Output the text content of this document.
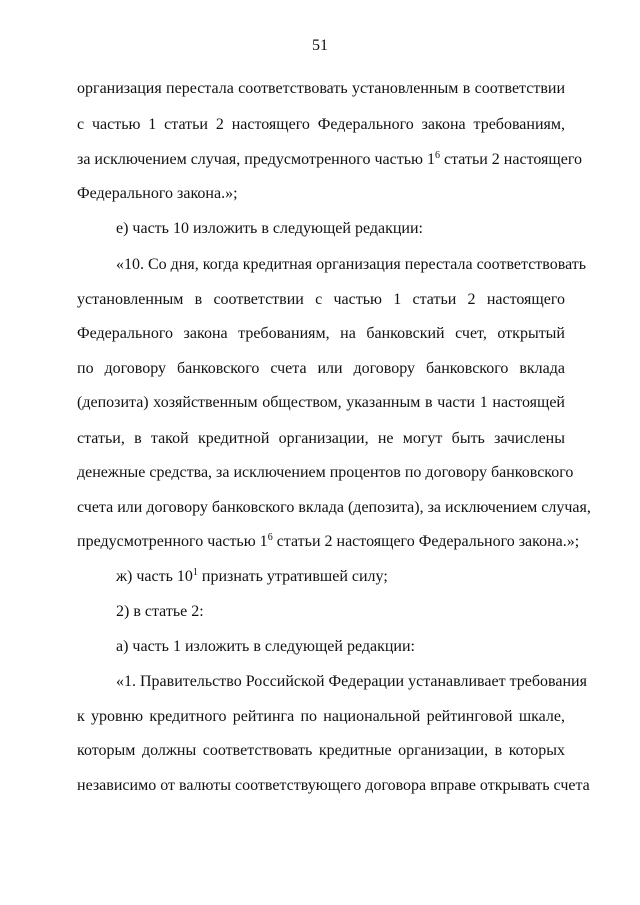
51
организация перестала соответствовать установленным в соответствии
с частью 1 статьи 2 настоящего Федерального закона требованиям,
за исключением случая, предусмотренного частью $1^6$ статьи 2 настоящего
Федерального закона.»;
е) часть 10 изложить в следующей редакции:
«10. Со дня, когда кредитная организация перестала соответствовать
установленным в соответствии с частью 1 статьи 2 настоящего
Федерального закона требованиям, на банковский счет, открытый
по договору банковского счета или договору банковского вклада
(депозита) хозяйственным обществом, указанным в части 1 настоящей
статьи, в такой кредитной организации, не могут быть зачислены
денежные средства, за исключением процентов по договору банковского
счета или договору банковского вклада (депозита), за исключением случая,
предусмотренного частью $1^6$ статьи 2 настоящего Федерального закона.»;
ж) часть $10^1$ признать утратившей силу;
2) в статье 2:
а) часть 1 изложить в следующей редакции:
«1. Правительство Российской Федерации устанавливает требования
к уровню кредитного рейтинга по национальной рейтинговой шкале,
которым должны соответствовать кредитные организации, в которых
независимо от валюты соответствующего договора вправе открывать счета
